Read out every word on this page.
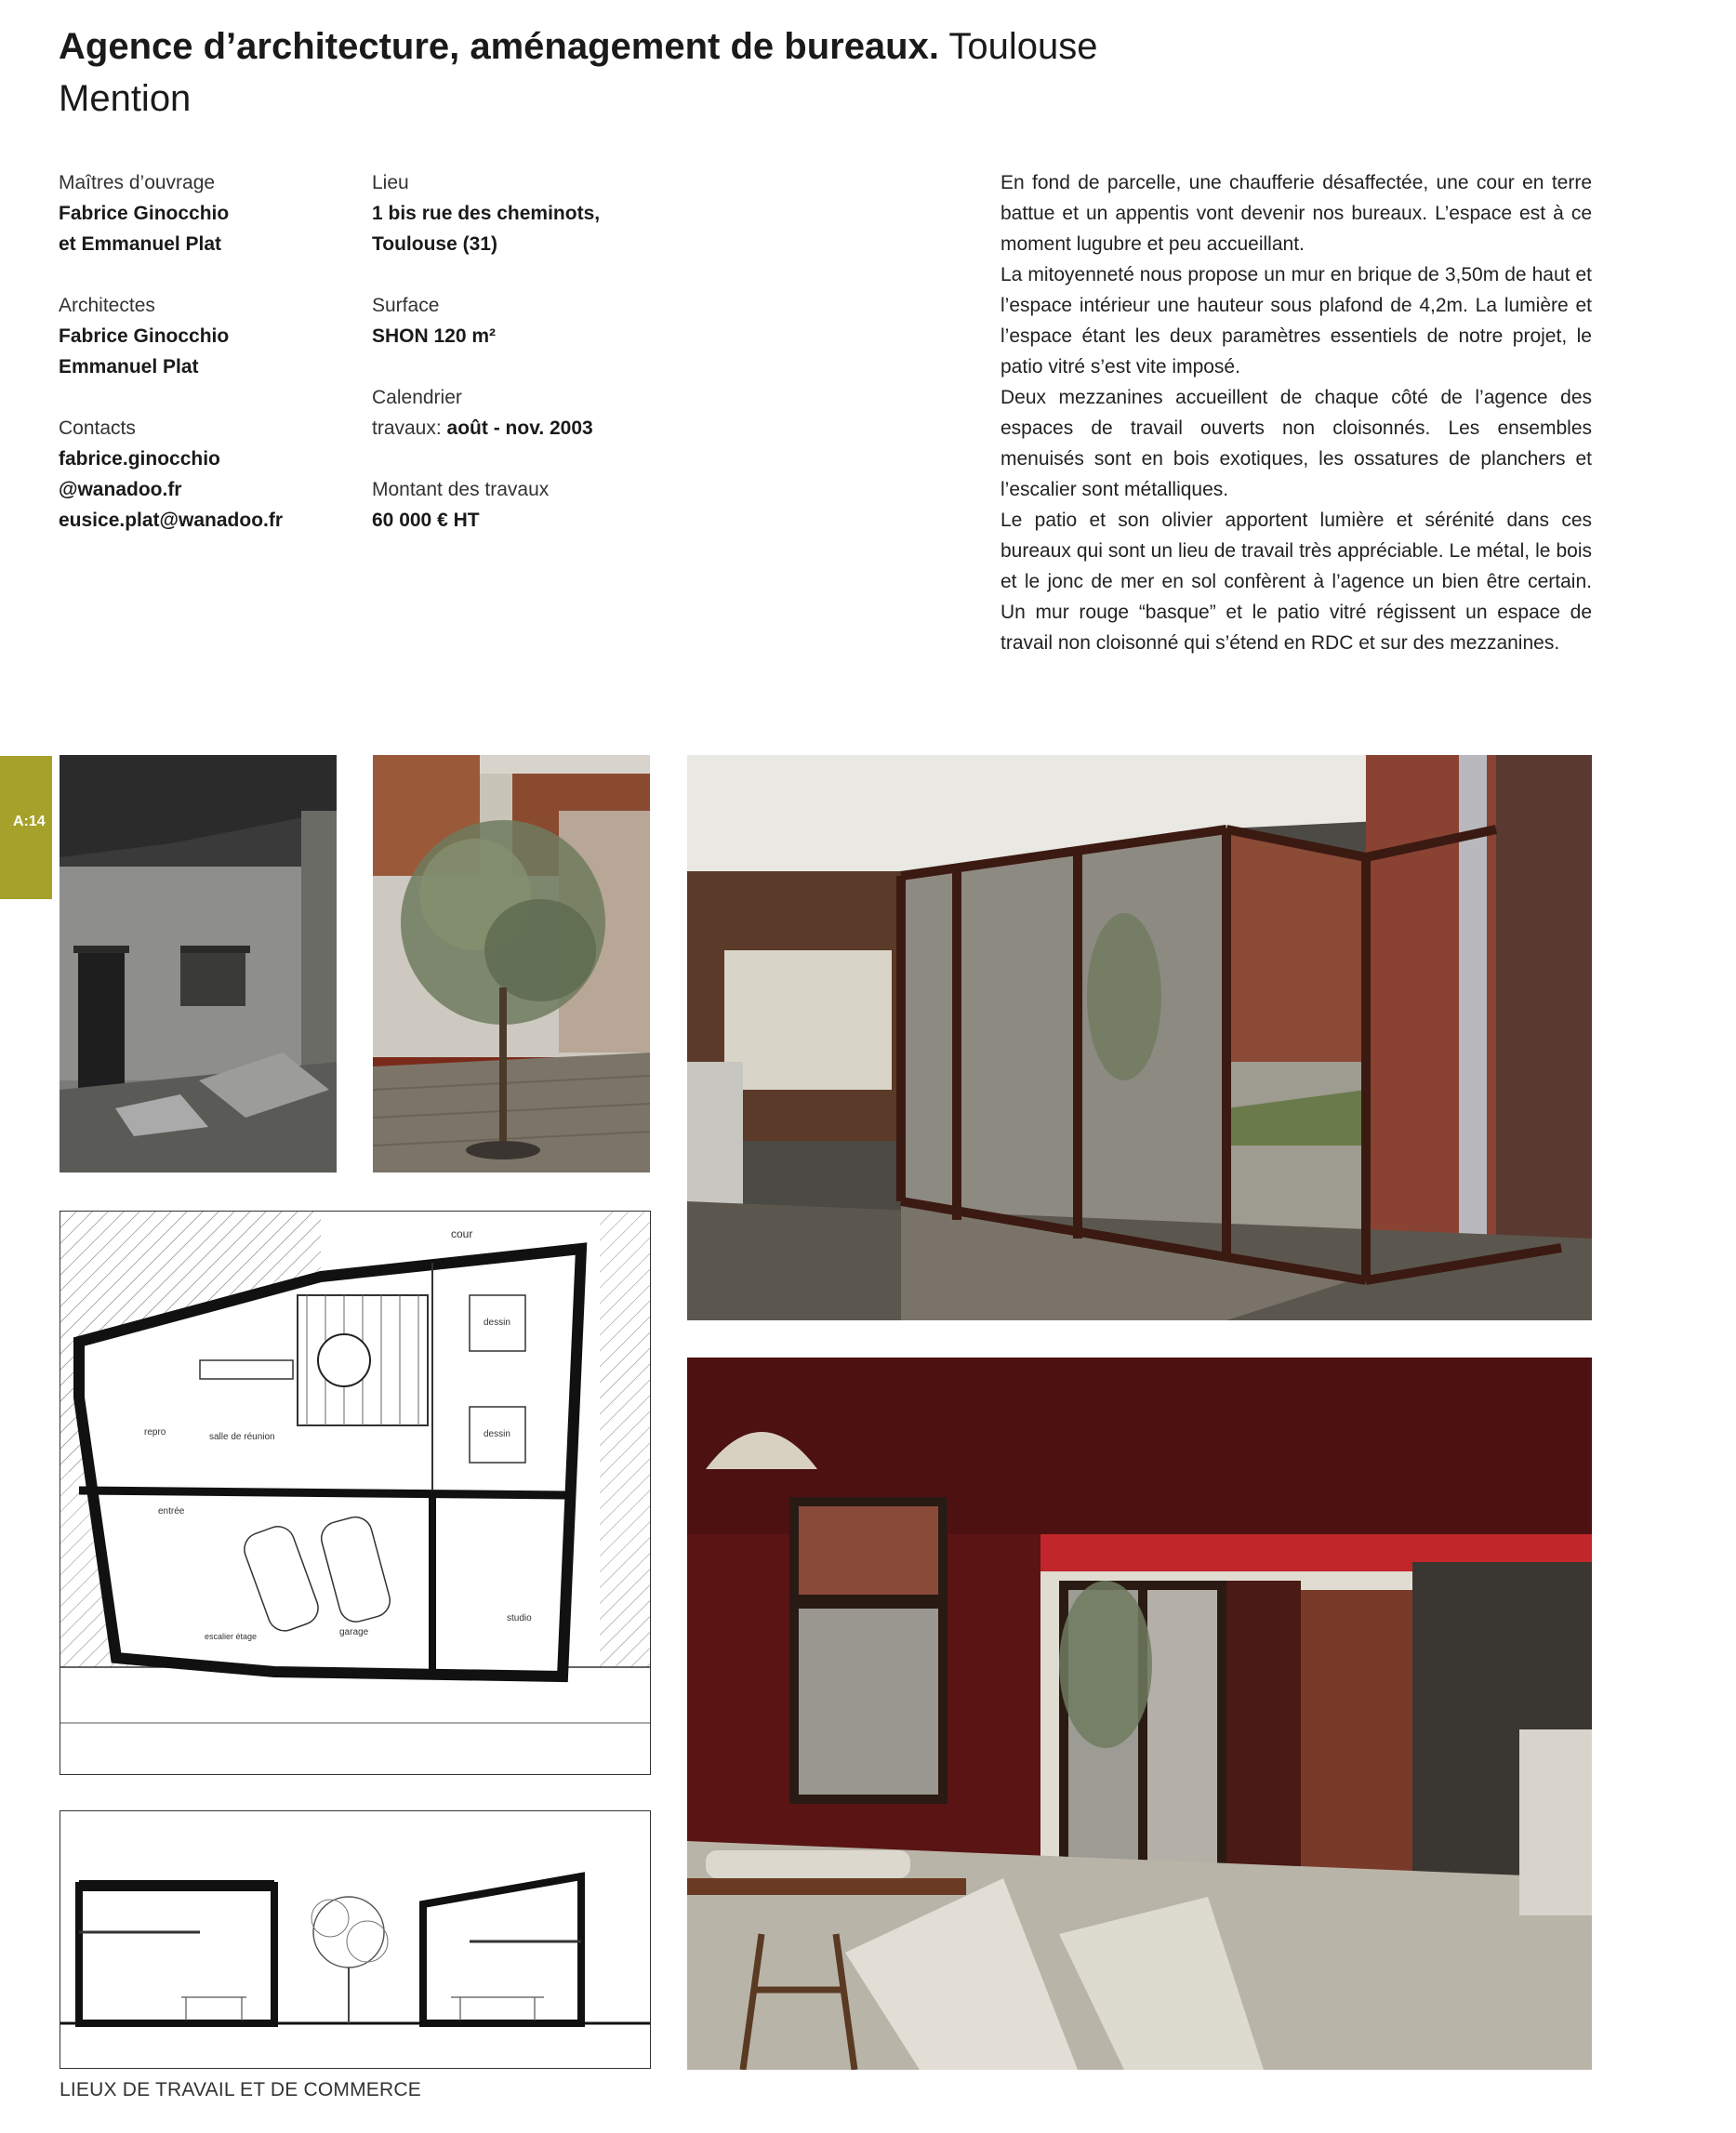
Agence d’architecture, aménagement de bureaux. Toulouse
Mention
Maîtres d’ouvrage
Fabrice Ginocchio
et Emmanuel Plat
Architectes
Fabrice Ginocchio
Emmanuel Plat
Contacts
fabrice.ginocchio
@wanadoo.fr
eusice.plat@wanadoo.fr
Lieu
1 bis rue des cheminots,
Toulouse (31)
Surface
SHON 120 m²
Calendrier
travaux: août - nov. 2003
Montant des travaux
60 000 € HT

En fond de parcelle, une chaufferie désaffectée, une cour en terre battue et un appentis vont devenir nos bureaux. L’espace est à ce moment lugubre et peu accueillant.

La mitoyenneté nous propose un mur en brique de 3,50m de haut et l’espace intérieur une hauteur sous plafond de 4,2m. La lumière et l’espace étant les deux paramètres essentiels de notre projet, le patio vitré s’est vite imposé.

Deux mezzanines accueillent de chaque côté de l’agence des espaces de travail ouverts non cloisonnés. Les ensembles menuisés sont en bois exotiques, les ossatures de planchers et l’escalier sont métalliques.

Le patio et son olivier apportent lumière et sérénité dans ces bureaux qui sont un lieu de travail très appréciable. Le métal, le bois et le jonc de mer en sol confèrent à l’agence un bien être certain. Un mur rouge “basque” et le patio vitré régissent un espace de travail non cloisonné qui s’étend en RDC et sur des mezzanines.

A:14
cour
dessin
dessin
repro	salle de réunion
entrée
garage
studio
escalier étage
LIEUX DE TRAVAIL ET DE COMMERCE
